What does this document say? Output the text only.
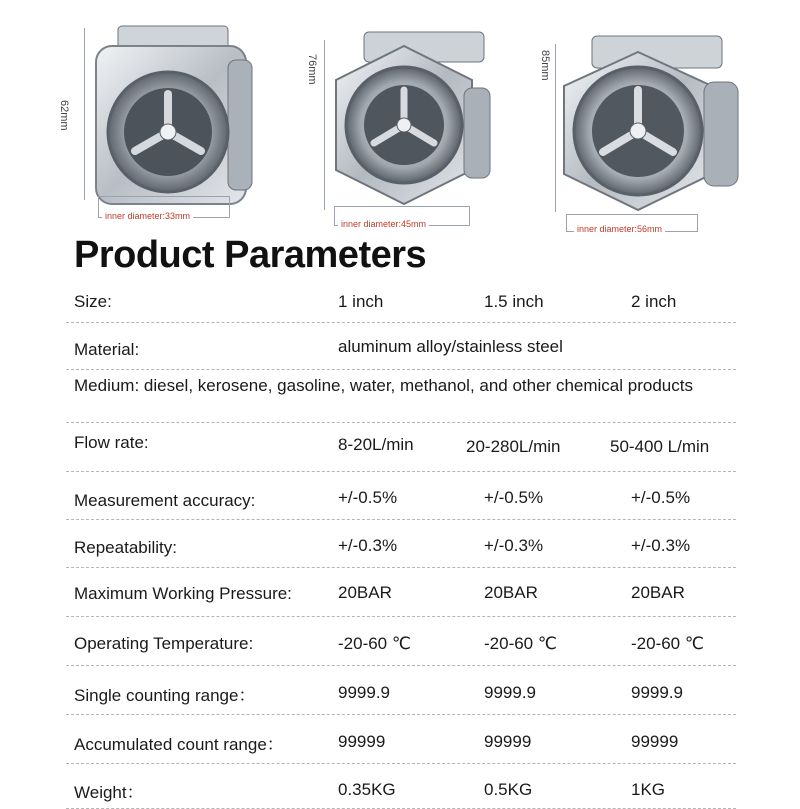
62mm
inner diameter:33mm
76mm
inner diameter:45mm
85mm
inner diameter:56mm
Product Parameters
Size:	1 inch	1.5 inch	2 inch
Material:	aluminum alloy/stainless steel
Medium: diesel, kerosene, gasoline, water, methanol, and other chemical products
Flow rate:	8-20L/min	20-280L/min	50-400 L/min
Measurement accuracy:	+/-0.5%	+/-0.5%	+/-0.5%
Repeatability:	+/-0.3%	+/-0.3%	+/-0.3%
Maximum Working Pressure:	20BAR	20BAR	20BAR
Operating Temperature:	-20-60 ℃	-20-60 ℃	-20-60 ℃
Single counting range：	9999.9	9999.9	9999.9
Accumulated count range：	99999	99999	99999
Weight：	0.35KG	0.5KG	1KG
